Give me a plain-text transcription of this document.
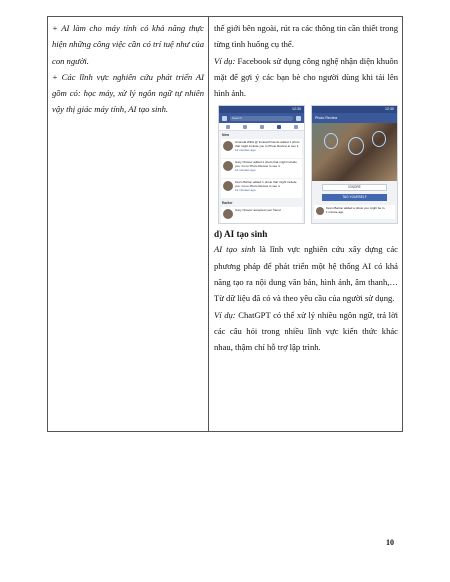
+ AI làm cho máy tính có khả năng thực hiện những công việc cần có trí tuệ như của con người.

+ Các lĩnh vực nghiên cứu phát triển AI gồm có: học máy, xử lý ngôn ngữ tự nhiên vậy thị giác máy tính, AI tạo sinh.

thế giới bên ngoài, rút ra các thông tin cần thiết trong từng tình huống cụ thể.

Ví dụ: Facebook sử dụng công nghệ nhận diện khuôn mặt để gợi ý các bạn bè cho người dùng khi tải lên hình ảnh.

12:30
Search
New
Amanda Willis @ Instead Friends added 1 photo that might include you to Photo Review to see it.
12 minutes ago
Gary Chavez added 1 photo that might include you. Go to Photo Review to see it.
12 minutes ago
Kevin Barton added 1 photo that might include you. Go to Photo Review to see it.
12 minutes ago
Earlier
Gary Chavez accepted your friend
12:30
Photo Review
IGNORE
TAG YOURSELF
Kevin Barton added a photo you might be in.
1 minute ago

d) AI tạo sinh

AI tạo sinh là lĩnh vực nghiên cứu xây dựng các phương pháp để phát triển một hệ thống AI có khả năng tạo ra nội dung văn bản, hình ảnh, âm thanh,… Từ dữ liệu đã có và theo yêu cầu của người sử dụng.

Ví dụ: ChatGPT có thể xử lý nhiều ngôn ngữ, trả lời các câu hỏi trong nhiều lĩnh vực kiến thức khác nhau, thậm chí hỗ trợ lập trình.

10
